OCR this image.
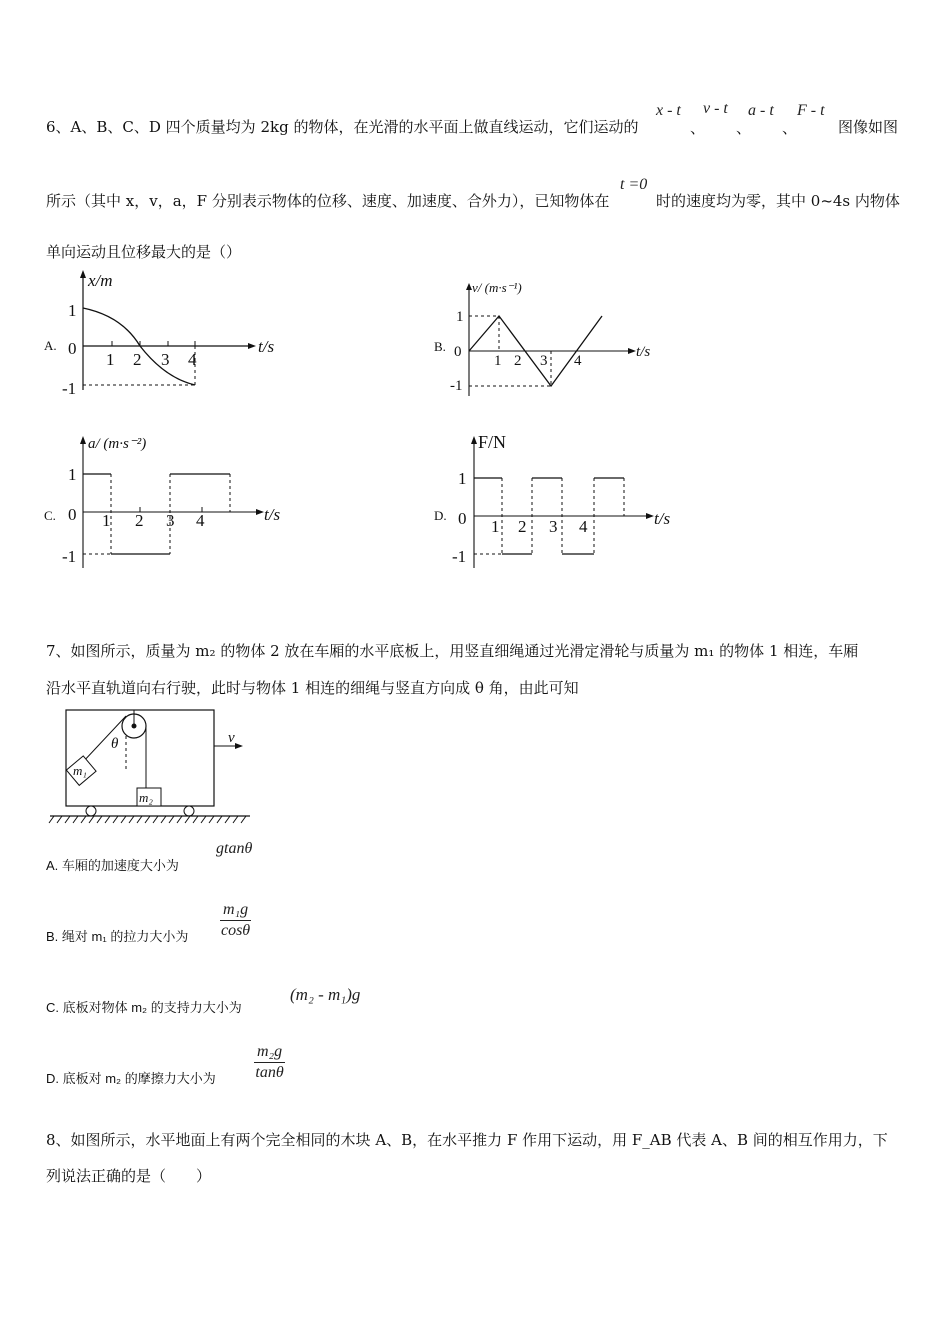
6、A、B、C、D 四个质量均为 2kg 的物体，在光滑的水平面上做直线运动，它们运动的
x - t v - t a - t F - t
、 、 、	图像如图
所示（其中 x，v，a，F 分别表示物体的位移、速度、加速度、合外力），已知物体在
t =0
时的速度均为零，其中 0~4s 内物体
单向运动且位移最大的是（）
A.
x/m
t/s
0
1
-1
1 2 3 4
B.
v/ (m·s⁻¹)
t/s
0
1
-1
1 2 3 4
C.
a/ (m·s⁻²)
t/s
0
1
-1
1 2 3 4	D.
F/N
t/s
0
1
-1
1 2 3 4
7、如图所示，质量为 m₂ 的物体 2 放在车厢的水平底板上，用竖直细绳通过光滑定滑轮与质量为 m₁ 的物体 1 相连，车厢
沿水平直轨道向右行驶，此时与物体 1 相连的细绳与竖直方向成 θ 角，由此可知
θ
m₁
m₂
v
A. 车厢的加速度大小为
gtanθ
B. 绳对 m₁ 的拉力大小为 $\frac{\text{m₁g}}{\cos\theta}$
C. 底板对物体 m₂ 的支持力大小为
(m₂ - m₁)g
D. 底板对 m₂ 的摩擦力大小为 $\frac{\text{m₂g}}{\tan\theta}$
8、如图所示，水平地面上有两个完全相同的木块 A、B，在水平推力 F 作用下运动，用 F_AB 代表 A、B 间的相互作用力，下
列说法正确的是（　　）
